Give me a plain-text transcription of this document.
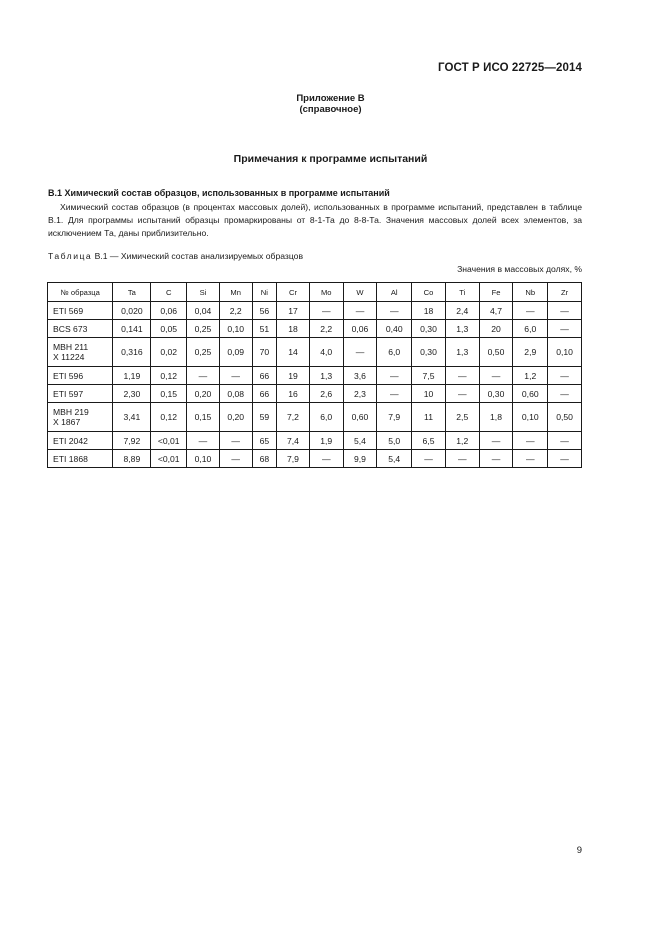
ГОСТ Р ИСО 22725—2014
Приложение В
(справочное)
Примечания к программе испытаний
В.1 Химический состав образцов, использованных в программе испытаний
Химический состав образцов (в процентах массовых долей), использованных в программе испытаний, представлен в таблице В.1. Для программы испытаний образцы промаркированы от 8-1-Та до 8-8-Та. Значения массовых долей всех элементов, за исключением Та, даны приблизительно.
Таблица В.1 — Химический состав анализируемых образцов
Значения в массовых долях, %
№ образца	Ta	C	Si	Mn	Ni	Cr	Mo	W	Al	Co	Ti	Fe	Nb	Zr

ETI 569	0,020	0,06	0,04	2,2	56	17	—	—	—	18	2,4	4,7	—	—

BCS 673	0,141	0,05	0,25	0,10	51	18	2,2	0,06	0,40	0,30	1,3	20	6,0	—

MBH 211
X 11224	0,316	0,02	0,25	0,09	70	14	4,0	—	6,0	0,30	1,3	0,50	2,9	0,10

ETI 596	1,19	0,12	—	—	66	19	1,3	3,6	—	7,5	—	—	1,2	—

ETI 597	2,30	0,15	0,20	0,08	66	16	2,6	2,3	—	10	—	0,30	0,60	—

MBH 219
X 1867	3,41	0,12	0,15	0,20	59	7,2	6,0	0,60	7,9	11	2,5	1,8	0,10	0,50

ETI 2042	7,92	<0,01	—	—	65	7,4	1,9	5,4	5,0	6,5	1,2	—	—	—

ETI 1868	8,89	<0,01	0,10	—	68	7,9	—	9,9	5,4	—	—	—	—	—
9
